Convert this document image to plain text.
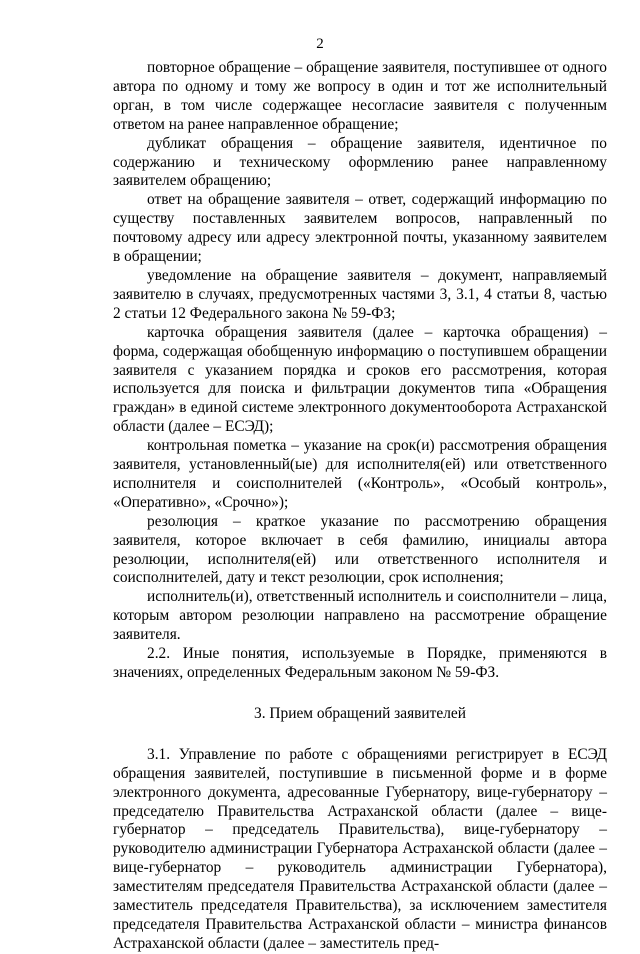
2

повторное обращение – обращение заявителя, поступившее от одного автора по одному и тому же вопросу в один и тот же исполнительный орган, в том числе содержащее несогласие заявителя с полученным ответом на ранее направленное обращение;

дубликат обращения – обращение заявителя, идентичное по содержанию и техническому оформлению ранее направленному заявителем обращению;

ответ на обращение заявителя – ответ, содержащий информацию по существу поставленных заявителем вопросов, направленный по почтовому адресу или адресу электронной почты, указанному заявителем в обращении;

уведомление на обращение заявителя – документ, направляемый заявителю в случаях, предусмотренных частями 3, 3.1, 4 статьи 8, частью 2 статьи 12 Федерального закона № 59-ФЗ;

карточка обращения заявителя (далее – карточка обращения) – форма, содержащая обобщенную информацию о поступившем обращении заявителя с указанием порядка и сроков его рассмотрения, которая используется для поиска и фильтрации документов типа «Обращения граждан» в единой системе электронного документооборота Астраханской области (далее – ЕСЭД);

контрольная пометка – указание на срок(и) рассмотрения обращения заявителя, установленный(ые) для исполнителя(ей) или ответственного исполнителя и соисполнителей («Контроль», «Особый контроль», «Оперативно», «Срочно»);

резолюция – краткое указание по рассмотрению обращения заявителя, которое включает в себя фамилию, инициалы автора резолюции, исполнителя(ей) или ответственного исполнителя и соисполнителей, дату и текст резолюции, срок исполнения;

исполнитель(и), ответственный исполнитель и соисполнители – лица, которым автором резолюции направлено на рассмотрение обращение заявителя.

2.2. Иные понятия, используемые в Порядке, применяются в значениях, определенных Федеральным законом № 59-ФЗ.

3. Прием обращений заявителей

3.1. Управление по работе с обращениями регистрирует в ЕСЭД обращения заявителей, поступившие в письменной форме и в форме электронного документа, адресованные Губернатору, вице-губернатору – председателю Правительства Астраханской области (далее – вице-губернатор – председатель Правительства), вице-губернатору – руководителю администрации Губернатора Астраханской области (далее – вице-губернатор – руководитель администрации Губернатора), заместителям председателя Правительства Астраханской области (далее – заместитель председателя Правительства), за исключением заместителя председателя Правительства Астраханской области – министра финансов Астраханской области (далее – заместитель пред-
